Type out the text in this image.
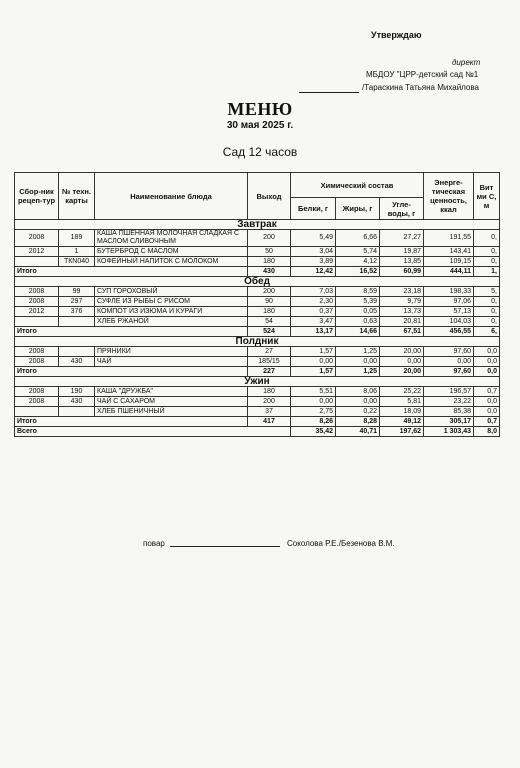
Утверждаю
директ
МБДОУ "ЦРР-детский сад №1
/Тараскина Татьяна Михайлова
МЕНЮ
30 мая 2025 г.
Сад 12 часов
Сбор-ник рецеп-тур	№ техн. карты	Наименование блюда	Выход	Химический состав			Энерге-тическая ценность, ккал	Вит ми С, м
				Белки, г	Жиры, г	Угле-воды, г		
Завтрак								
2008	189	КАША ПШЕННАЯ МОЛОЧНАЯ СЛАДКАЯ С МАСЛОМ СЛИВОЧНЫМ	200	5,49	6,66	27,27	191,55	0,
2012	1	БУТЕРБРОД С МАСЛОМ	50	3,04	5,74	19,87	143,41	0,
	ТКN040	КОФЕЙНЫЙ НАПИТОК С МОЛОКОМ	180	3,89	4,12	13,85	109,15	0,
Итого			430	12,42	16,52	60,99	444,11	1,
Обед								
2008	99	СУП ГОРОХОВЫЙ	200	7,03	8,59	23,18	198,33	5,
2008	297	СУФЛЕ ИЗ РЫБЫ С РИСОМ	90	2,30	5,39	9,79	97,06	0,
2012	376	КОМПОТ ИЗ ИЗЮМА И КУРАГИ	180	0,37	0,05	13,73	57,13	0,
		ХЛЕБ РЖАНОЙ	54	3,47	0,63	20,81	104,03	0,
Итого			524	13,17	14,66	67,51	456,55	6,
Полдник								
2008		ПРЯНИКИ	27	1,57	1,25	20,00	97,60	0,0
2008	430	ЧАЙ	185/15	0,00	0,00	0,00	0,00	0,0
Итого			227	1,57	1,25	20,00	97,60	0,0
Ужин								
2008	190	КАША "ДРУЖБА"	180	5,51	8,06	25,22	196,57	0,7
2008	430	ЧАЙ С САХАРОМ	200	0,00	0,00	5,81	23,22	0,0
		ХЛЕБ ПШЕНИЧНЫЙ	37	2,75	0,22	18,09	85,38	0,0
Итого			417	8,26	8,28	49,12	305,17	0,7
Всего				35,42	40,71	197,62	1 303,43	8,0
повар	Соколова Р.Е./Безенова В.М.
